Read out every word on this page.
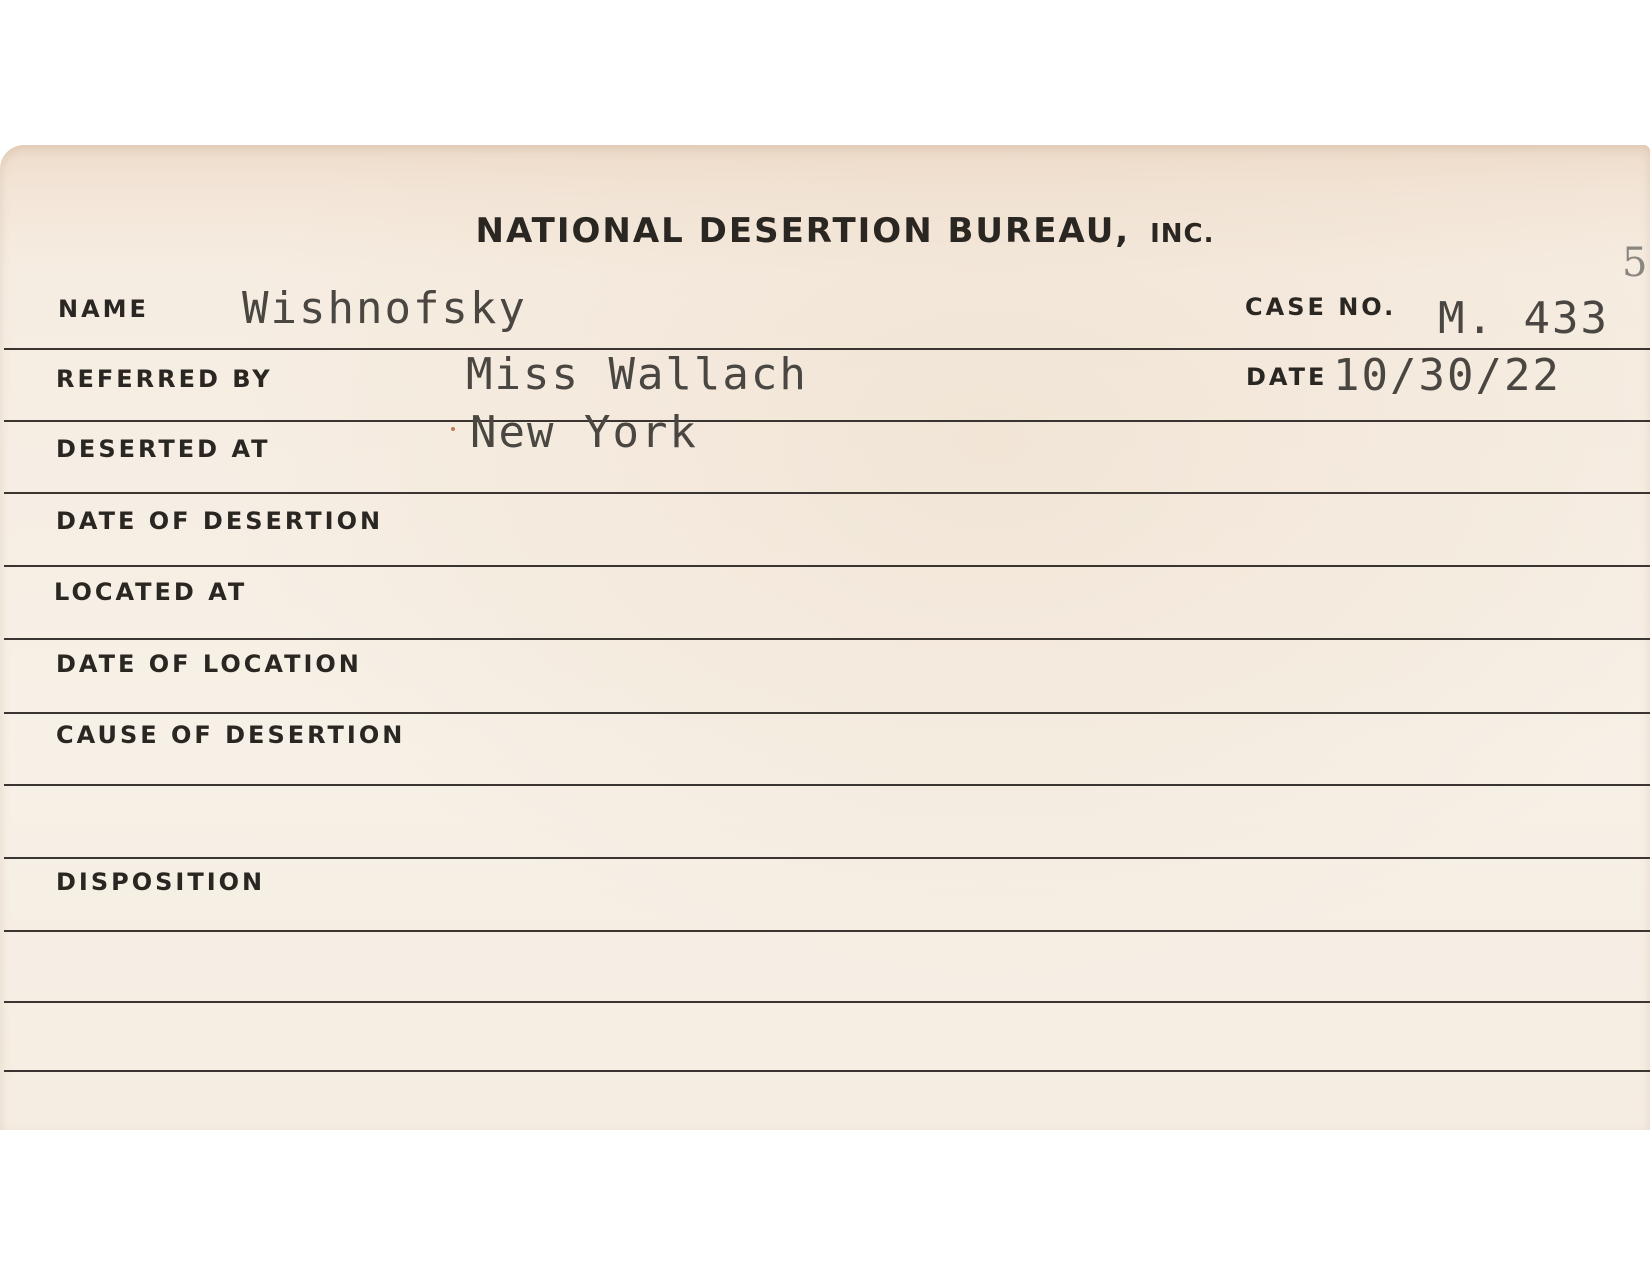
NATIONAL DESERTION BUREAU, INC.
5
NAME Wishnofsky	CASE NO. M. 433
REFERRED BY	Miss Wallach	DATE 10/30/22
DESERTED AT	New York
DATE OF DESERTION
LOCATED AT
DATE OF LOCATION
CAUSE OF DESERTION
DISPOSITION
